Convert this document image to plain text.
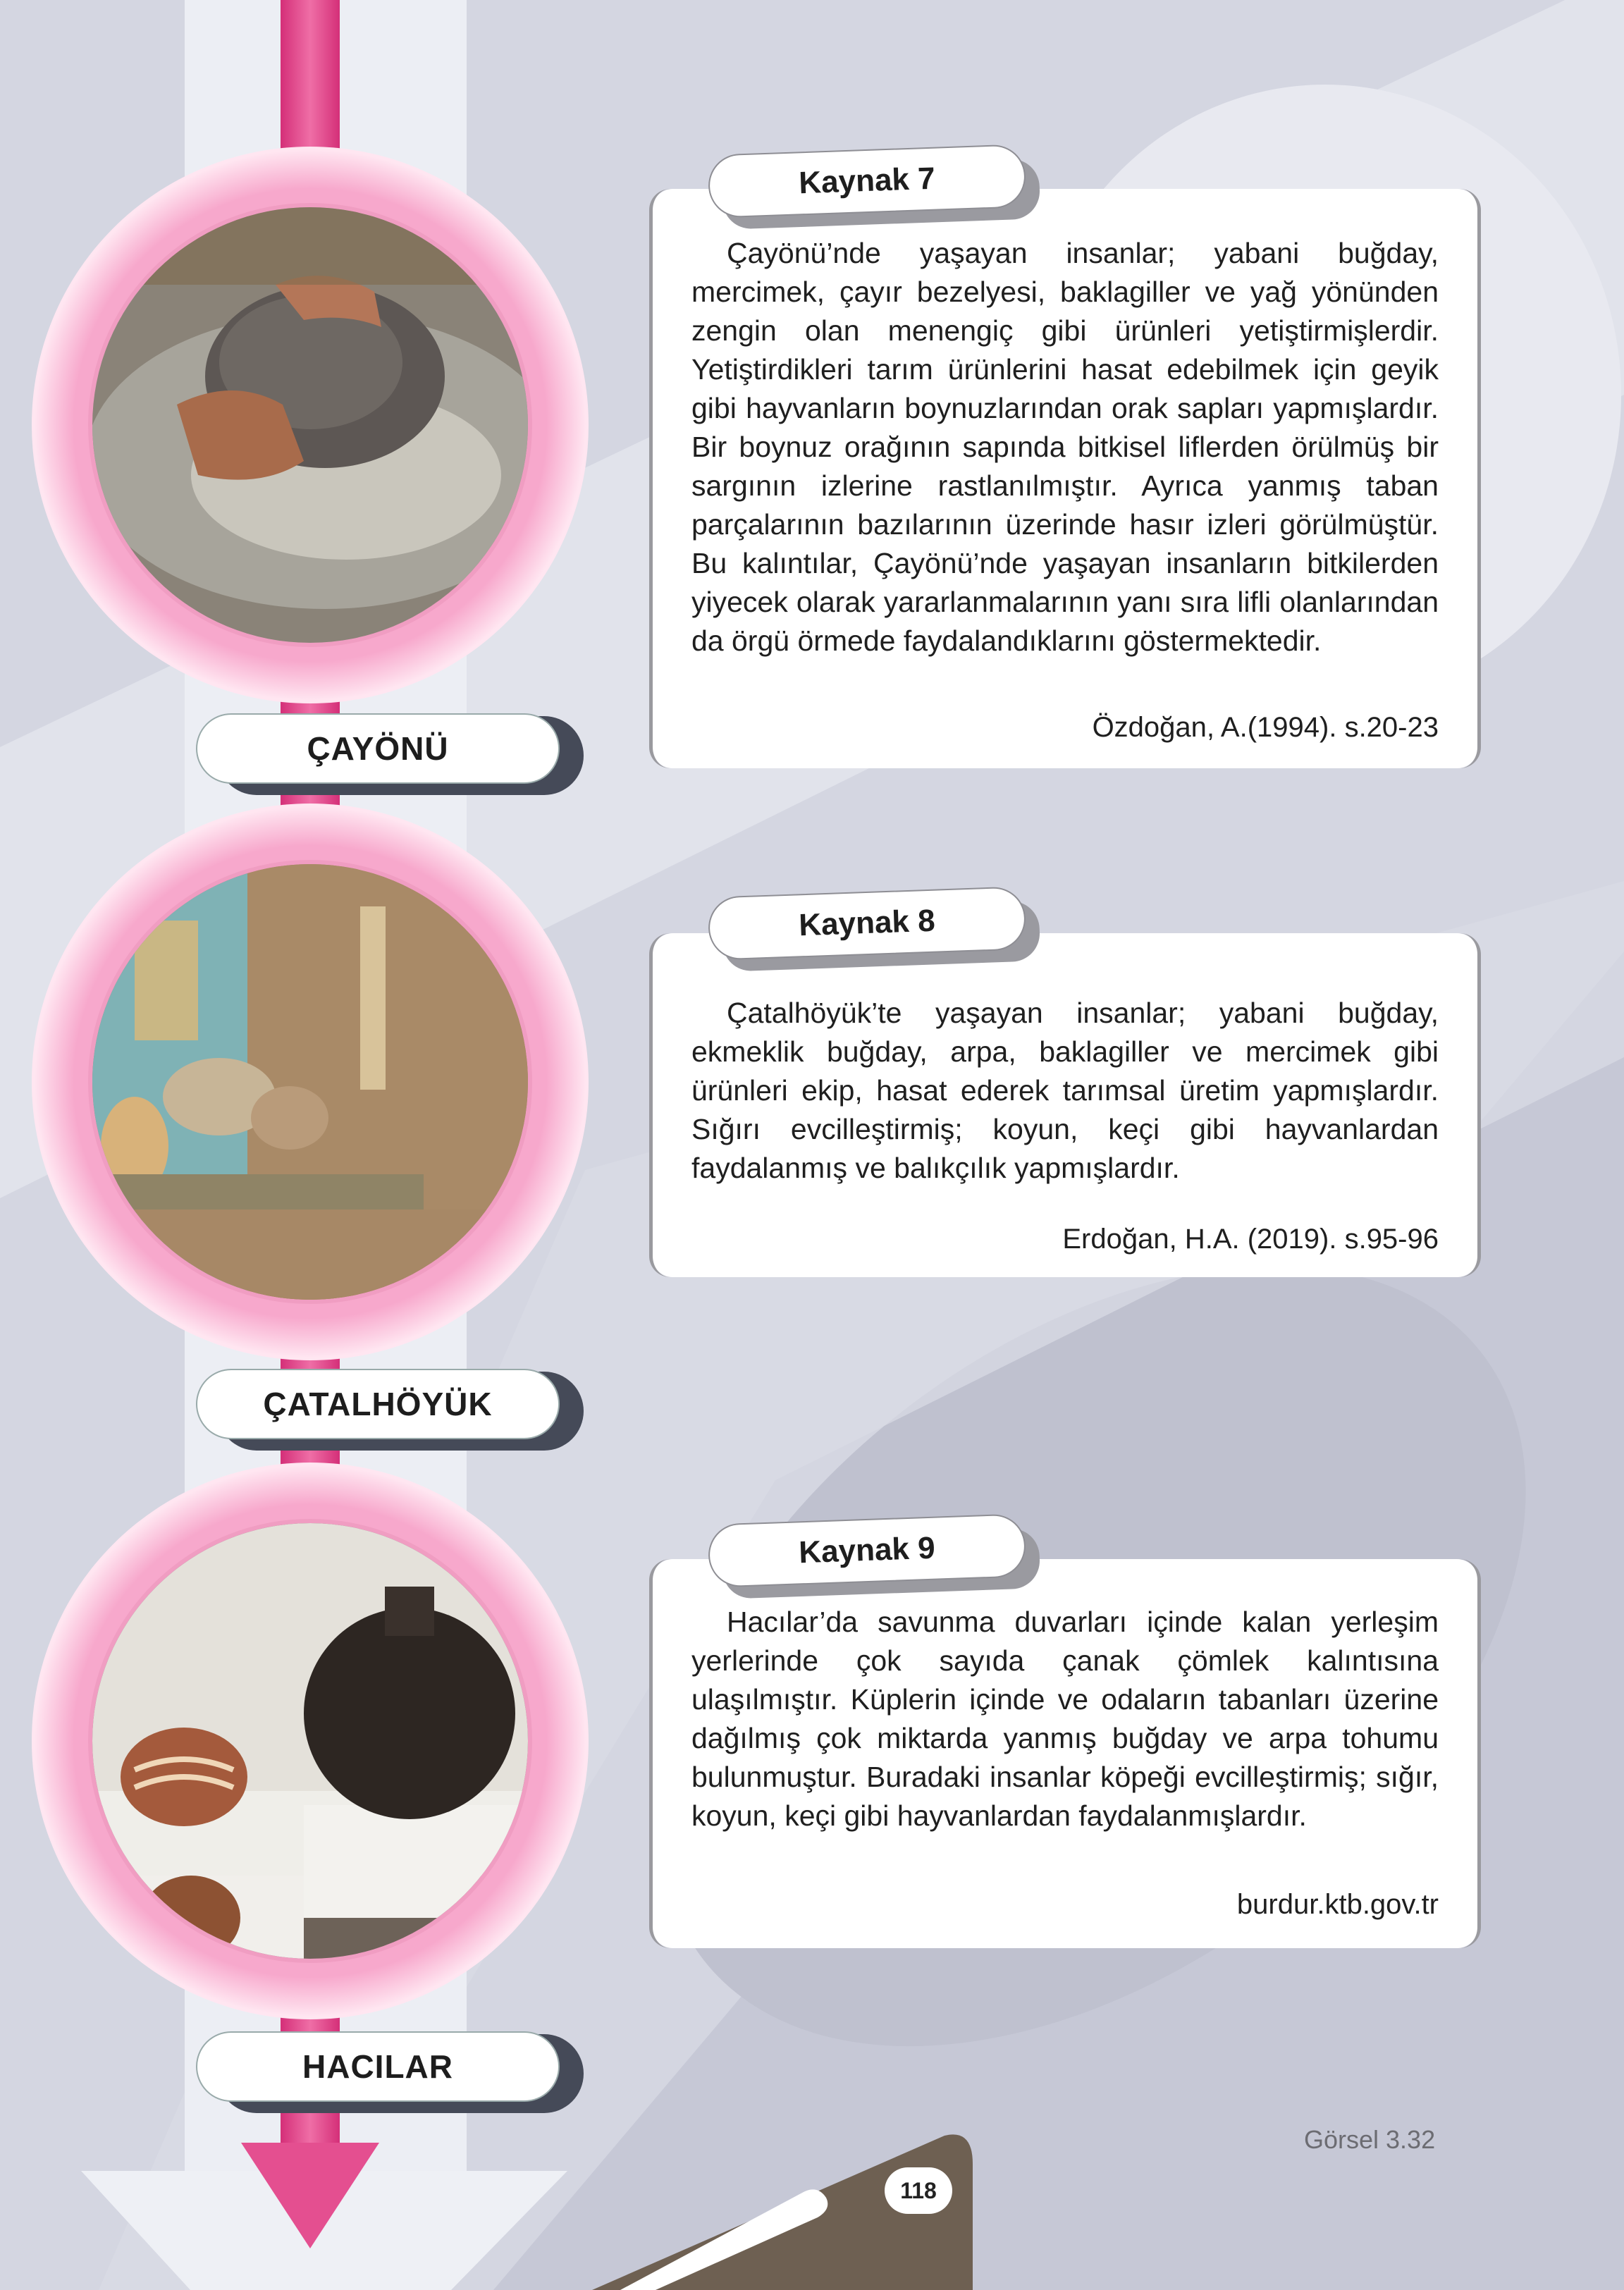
ÇAYÖNÜ
ÇATALHÖYÜK
HACILAR
Çayönü’nde yaşayan insanlar; yabani buğday, mercimek, çayır bezelyesi, baklagiller ve yağ yönünden zengin olan menengiç gibi ürünleri yetiştirmişlerdir. Yetiştirdikleri tarım ürünlerini hasat edebilmek için geyik gibi hayvanların boynuzlarından orak sapları yapmışlardır. Bir boynuz orağının sapında bitkisel liflerden örülmüş bir sargının izlerine rastlanılmıştır. Ayrıca yanmış taban parçalarının bazılarının üzerinde hasır izleri görülmüştür. Bu kalıntılar, Çayönü’nde yaşayan insanların bitkilerden yiyecek olarak yararlanmalarının yanı sıra lifli olanlarından da örgü örmede faydalandıklarını göstermektedir.
Özdoğan, A.(1994). s.20-23
Kaynak 7
Çatalhöyük’te yaşayan insanlar; yabani buğday, ekmeklik buğday, arpa, baklagiller ve mercimek gibi ürünleri ekip, hasat ederek tarımsal üretim yapmışlardır. Sığırı evcilleştirmiş; koyun, keçi gibi hayvanlardan faydalanmış ve balıkçılık yapmışlardır.
Erdoğan, H.A. (2019). s.95-96
Kaynak 8
Hacılar’da savunma duvarları içinde kalan yerleşim yerlerinde çok sayıda çanak çömlek kalıntısına ulaşılmıştır. Küplerin içinde ve odaların tabanları üzerine dağılmış çok miktarda yanmış buğday ve arpa tohumu bulunmuştur. Buradaki insanlar köpeği evcilleştirmiş; sığır, koyun, keçi gibi hayvanlardan faydalanmışlardır.
burdur.ktb.gov.tr
Kaynak 9
Görsel 3.32
118
